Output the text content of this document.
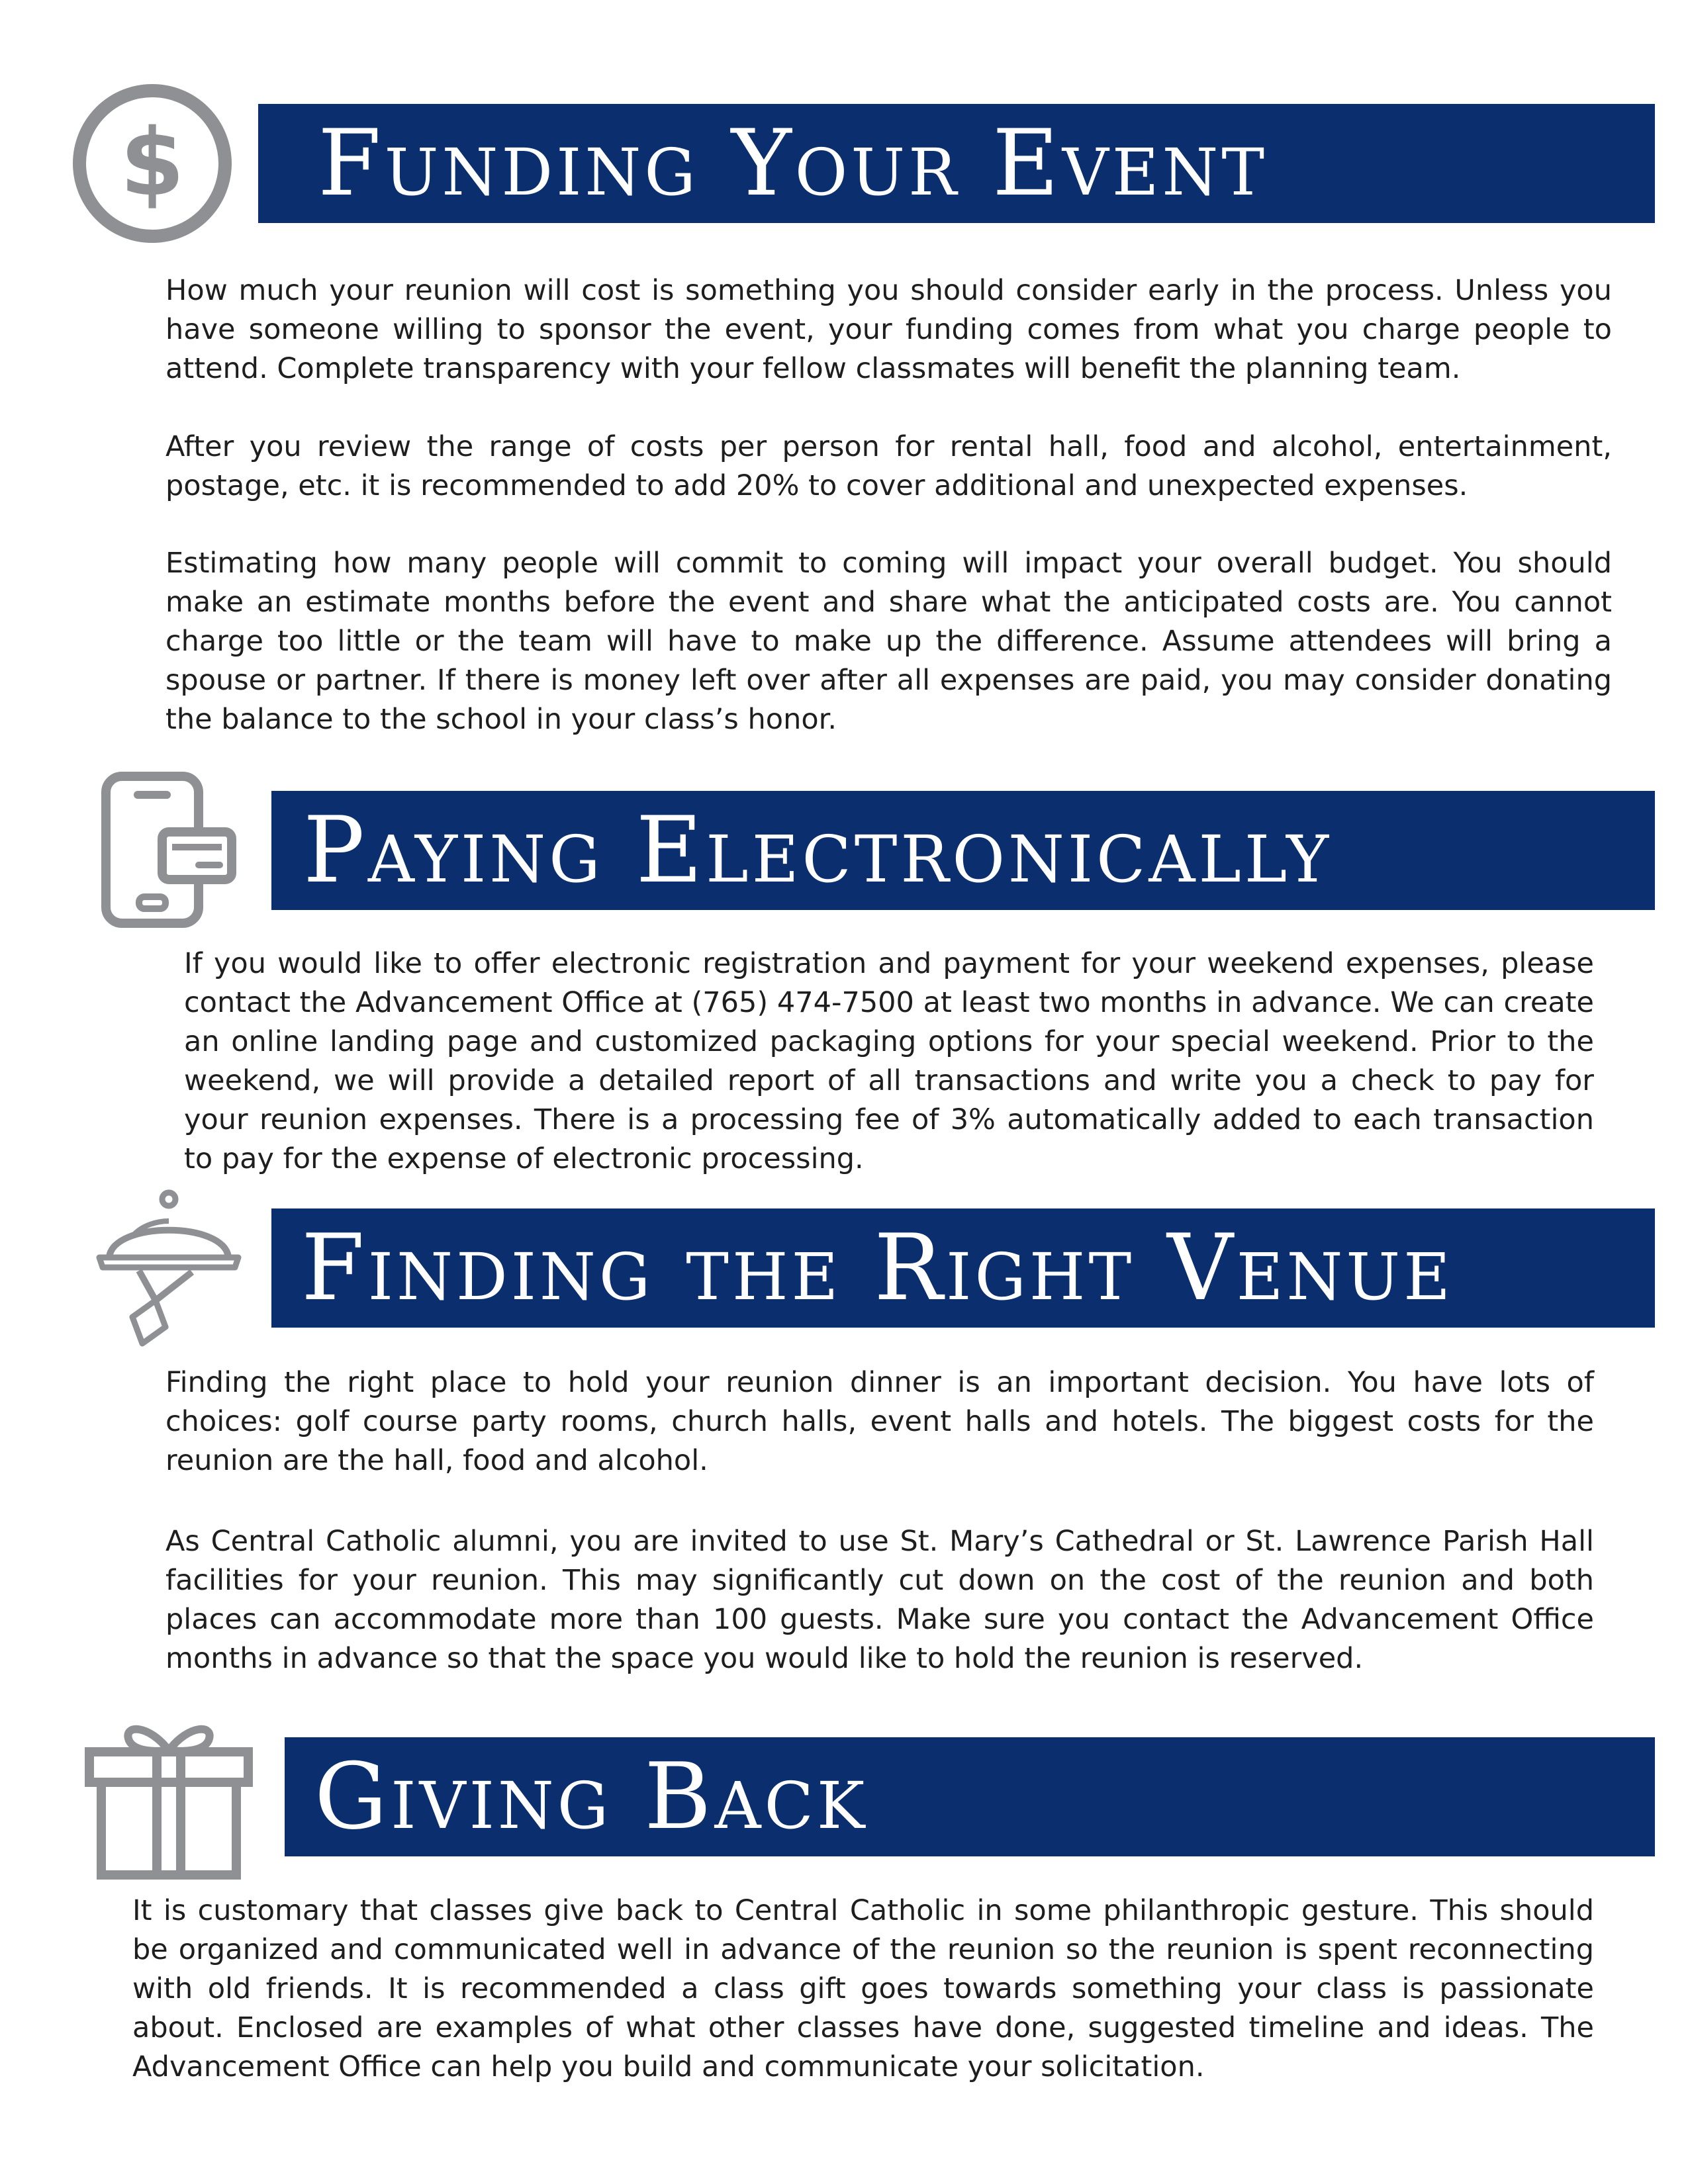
$ Funding Your Event

How much your reunion will cost is something you should consider early in the process. Unless you have someone willing to sponsor the event, your funding comes from what you charge people to attend. Complete transparency with your fellow classmates will benefit the planning team.

After you review the range of costs per person for rental hall, food and alcohol, entertainment, postage, etc. it is recommended to add 20% to cover additional and unexpected expenses.

Estimating how many people will commit to coming will impact your overall budget. You should make an estimate months before the event and share what the anticipated costs are. You cannot charge too little or the team will have to make up the difference. Assume attendees will bring a spouse or partner. If there is money left over after all expenses are paid, you may consider donating the balance to the school in your class’s honor.

Paying Electronically

If you would like to offer electronic registration and payment for your weekend expenses, please contact the Advancement Office at (765) 474-7500 at least two months in advance. We can create an online landing page and customized packaging options for your special weekend. Prior to the weekend, we will provide a detailed report of all transactions and write you a check to pay for your reunion expenses. There is a processing fee of 3% automatically added to each transaction to pay for the expense of electronic processing.

Finding the Right Venue

Finding the right place to hold your reunion dinner is an important decision. You have lots of choices: golf course party rooms, church halls, event halls and hotels. The biggest costs for the reunion are the hall, food and alcohol.

As Central Catholic alumni, you are invited to use St. Mary’s Cathedral or St. Lawrence Parish Hall facilities for your reunion. This may significantly cut down on the cost of the reunion and both places can accommodate more than 100 guests. Make sure you contact the Advancement Office months in advance so that the space you would like to hold the reunion is reserved.

Giving Back

It is customary that classes give back to Central Catholic in some philanthropic gesture. This should be organized and communicated well in advance of the reunion so the reunion is spent reconnecting with old friends. It is recommended a class gift goes towards something your class is passionate about. Enclosed are examples of what other classes have done, suggested timeline and ideas. The Advancement Office can help you build and communicate your solicitation.
